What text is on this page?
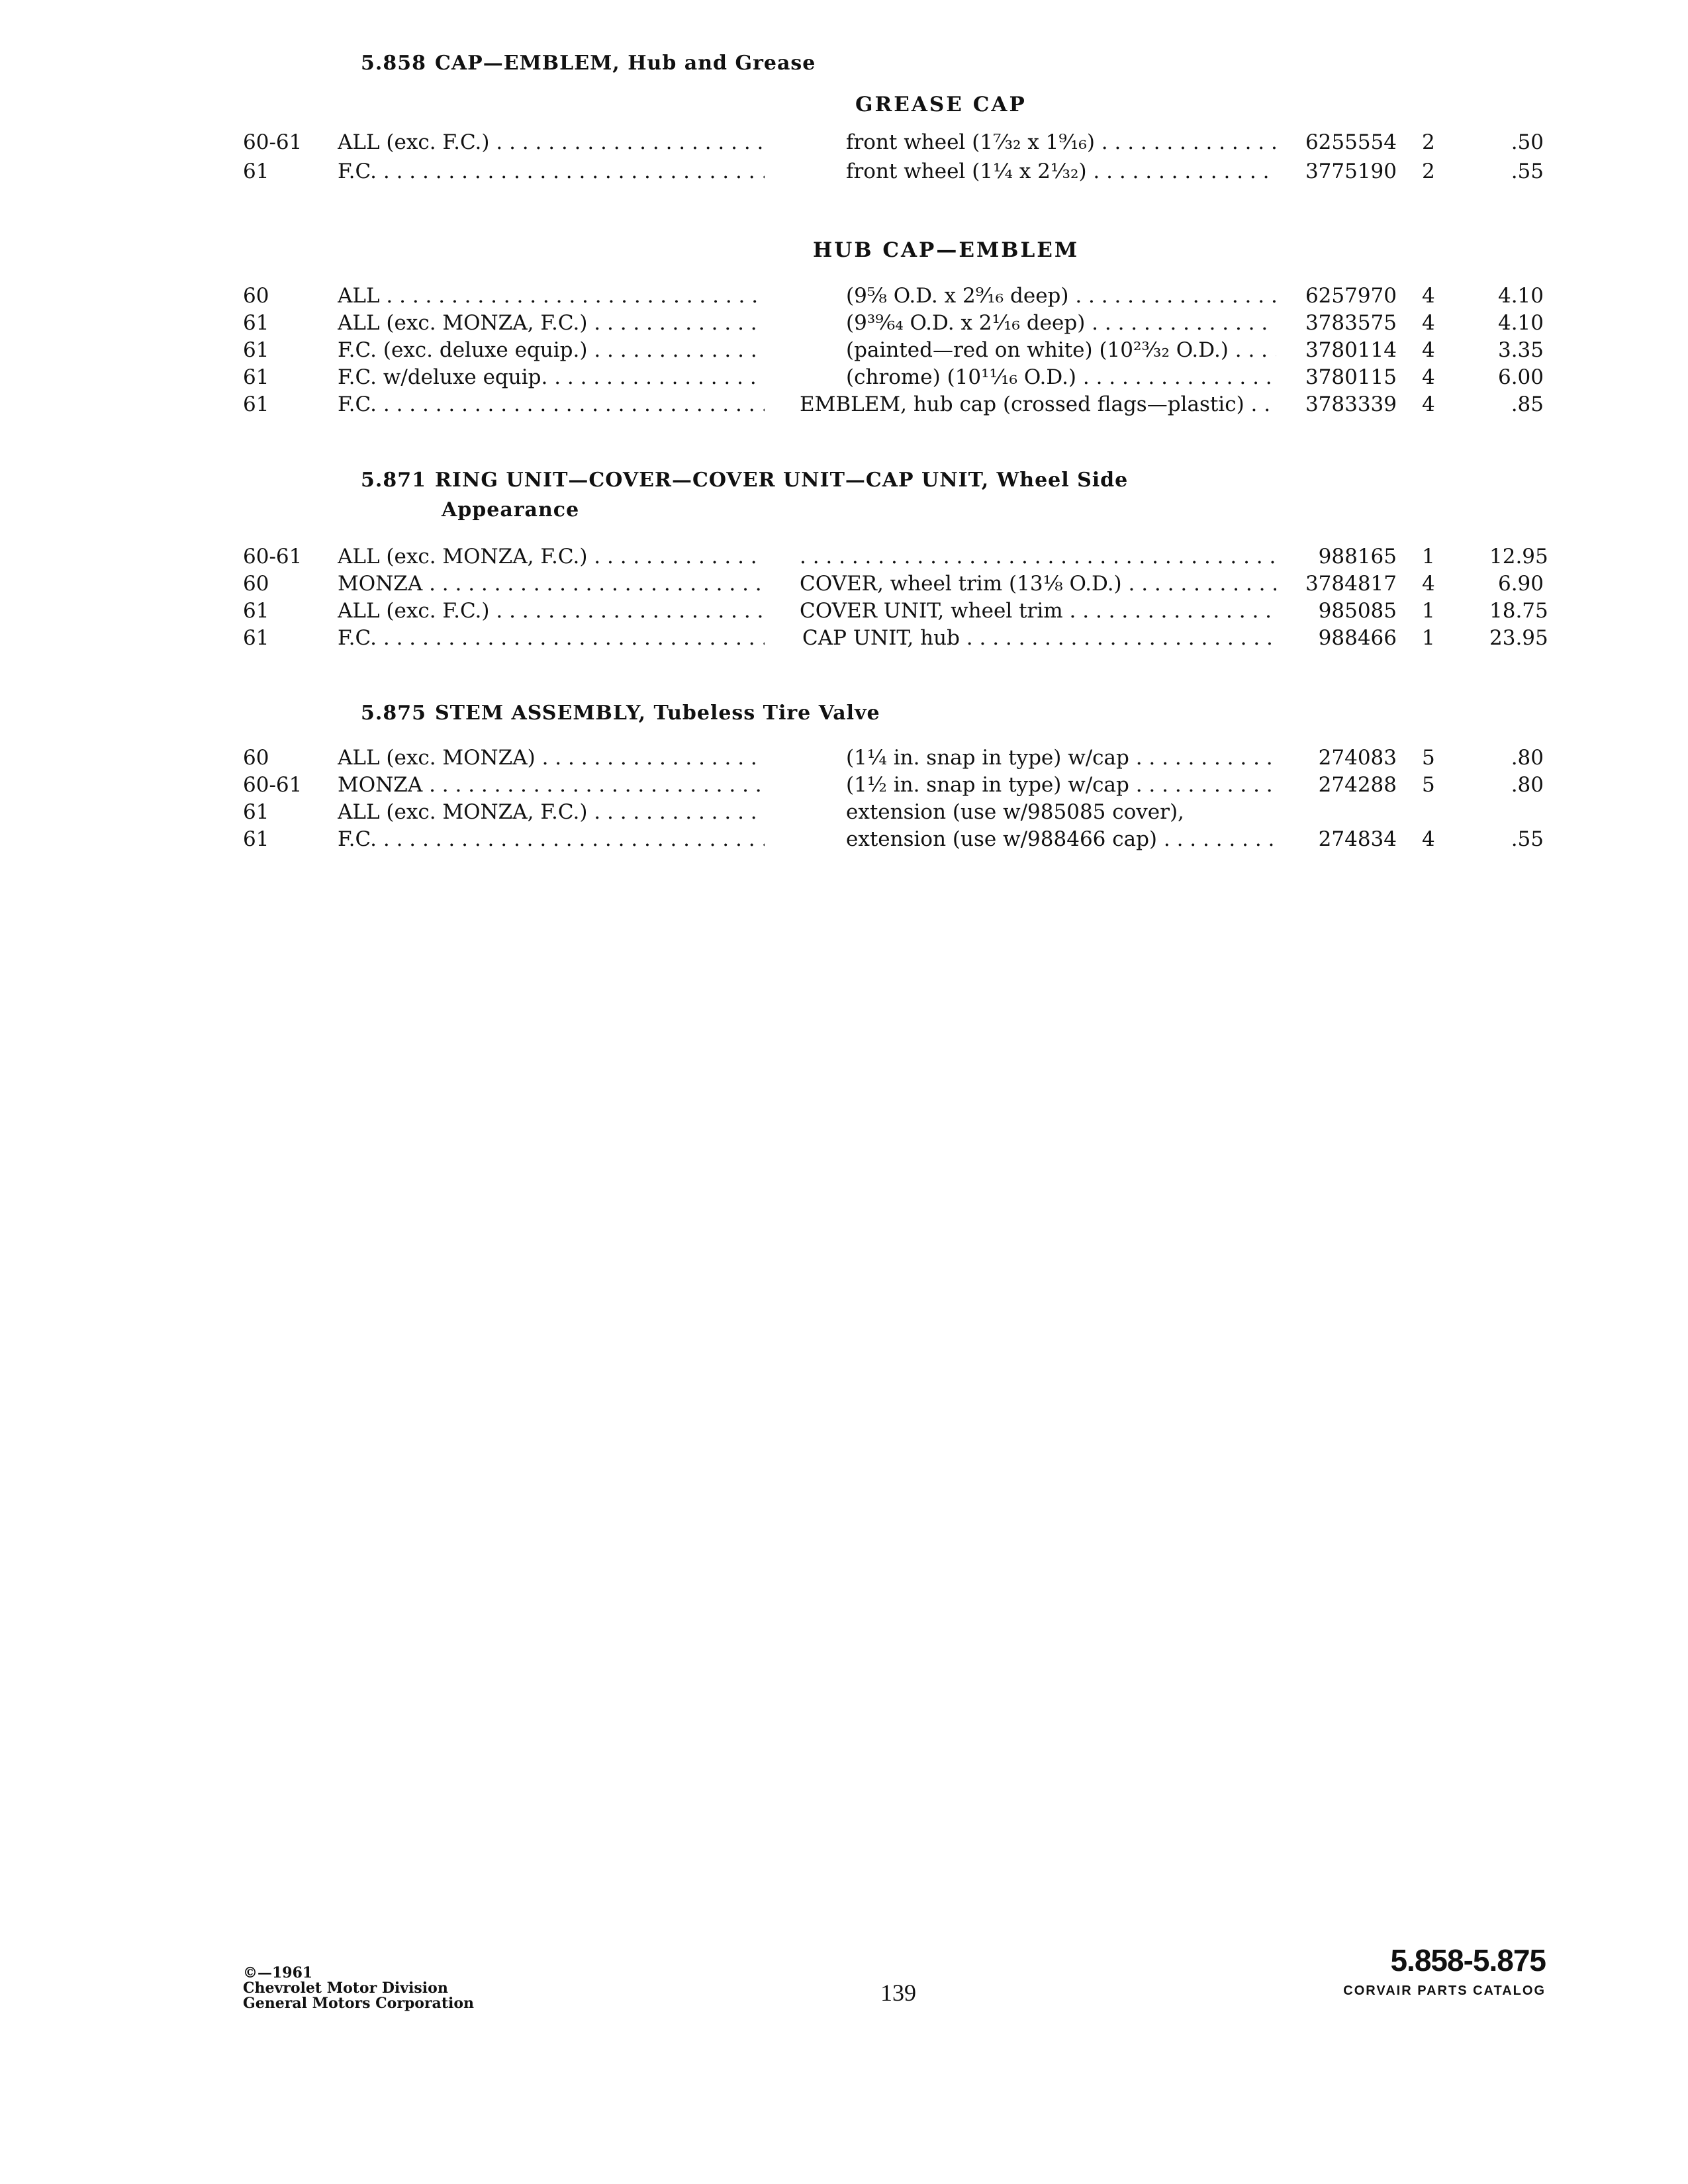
5.858 CAP—EMBLEM, Hub and Grease
GREASE CAP
60-61 ALL (exc. F.C.) . . .	front wheel (1⁷⁄₃₂ x 1⁹⁄₁₆) . . .	6255554 2	.50
61	F.C. . . .	front wheel (1¼ x 2⅓₂) . . .	3775190 2	.55
HUB CAP—EMBLEM
60	ALL . . .	(9⅝ O.D. x 2⁹⁄₁₆ deep) . . .	6257970 4	4.10
61	ALL (exc. MONZA, F.C.) . . .	(9³⁹⁄₆₄ O.D. x 2¹⁄₁₆ deep) . . .	3783575 4	4.10
61	F.C. (exc. deluxe equip.) . . .	(painted—red on white) (10²³⁄₃₂ O.D.) . . .	3780114 4	3.35
61	F.C. w/deluxe equip. . . .	(chrome) (10¹¹⁄₁₆ O.D.) . . .	3780115 4	6.00
61	F.C. . . .	EMBLEM, hub cap (crossed flags—plastic) . . .	3783339 4	.85
5.871 RING UNIT—COVER—COVER UNIT—CAP UNIT, Wheel Side
Appearance
60-61 ALL (exc. MONZA, F.C.) . . .
. . .	988165 1	12.95
60	MONZA . . .	COVER, wheel trim (13⅛ O.D.) . . .	3784817 4	6.90
61	ALL (exc. F.C.) . . .	COVER UNIT, wheel trim . . .	985085 1	18.75
61	F.C. . . .	CAP UNIT, hub . . .	988466 1	23.95
5.875 STEM ASSEMBLY, Tubeless Tire Valve
60	ALL (exc. MONZA) . . .	(1¼ in. snap in type) w/cap . . .	274083 5	.80
60-61 MONZA . . .	(1½ in. snap in type) w/cap . . .	274288 5	.80
61	ALL (exc. MONZA, F.C.) . . .	extension (use w/985085 cover),
61	F.C. . . .	extension (use w/988466 cap) . . .	274834 4	.55
©—1961
Chevrolet Motor Division
General Motors Corporation	139
5.858-5.875
CORVAIR PARTS CATALOG
